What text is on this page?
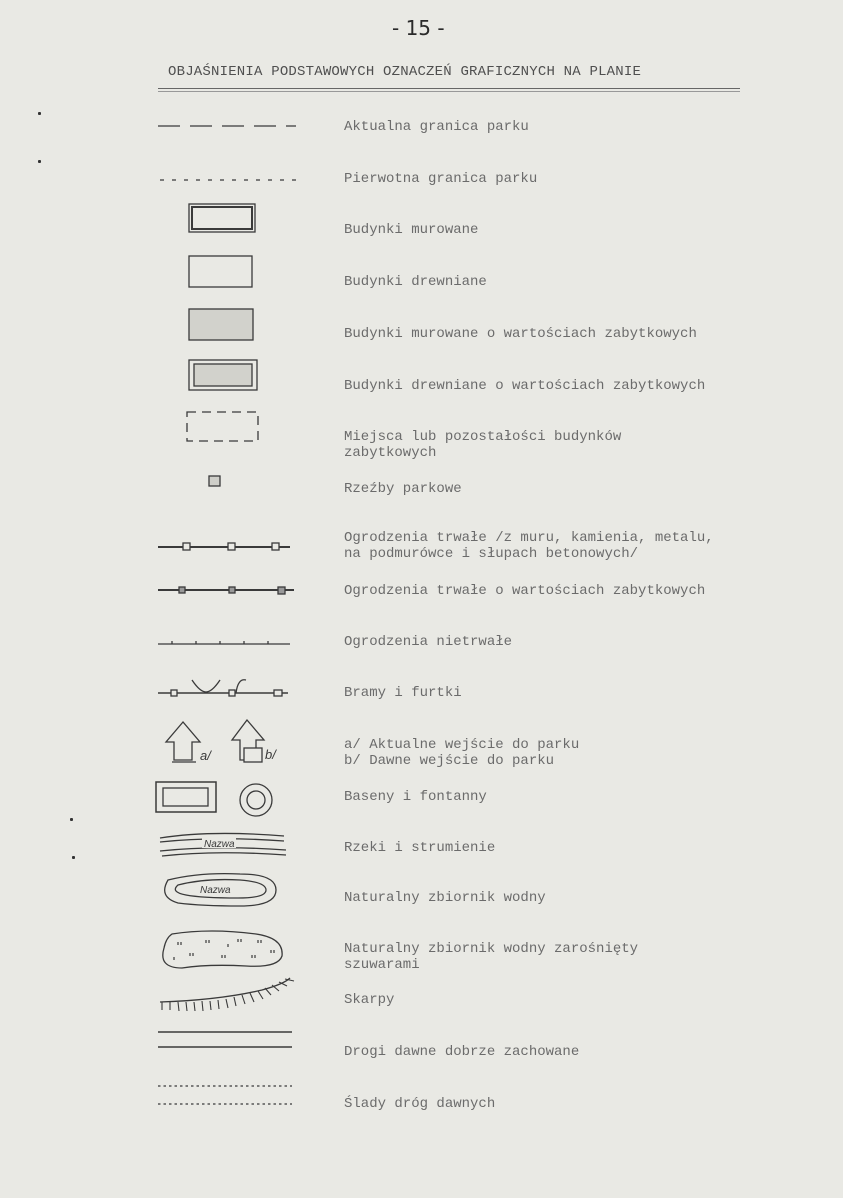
- 15 -
OBJAŚNIENIA PODSTAWOWYCH OZNACZEŃ GRAFICZNYCH NA PLANIE
Aktualna granica parku
Pierwotna granica parku
Budynki murowane
Budynki drewniane
Budynki murowane o wartościach zabytkowych
Budynki drewniane o wartościach zabytkowych
Miejsca lub pozostałości budynków
zabytkowych
Rzeźby parkowe
Ogrodzenia trwałe /z muru, kamienia, metalu,
na podmurówce i słupach betonowych/
Ogrodzenia trwałe o wartościach zabytkowych
Ogrodzenia nietrwałe
Bramy i furtki
a/ Aktualne wejście do parku
b/ Dawne wejście do parku
Baseny i fontanny
Rzeki i strumienie
Naturalny zbiornik wodny
Naturalny zbiornik wodny zarośnięty
szuwarami
Skarpy
Drogi dawne dobrze zachowane
Ślady dróg dawnych
a/	b/
Nazwa
Nazwa
